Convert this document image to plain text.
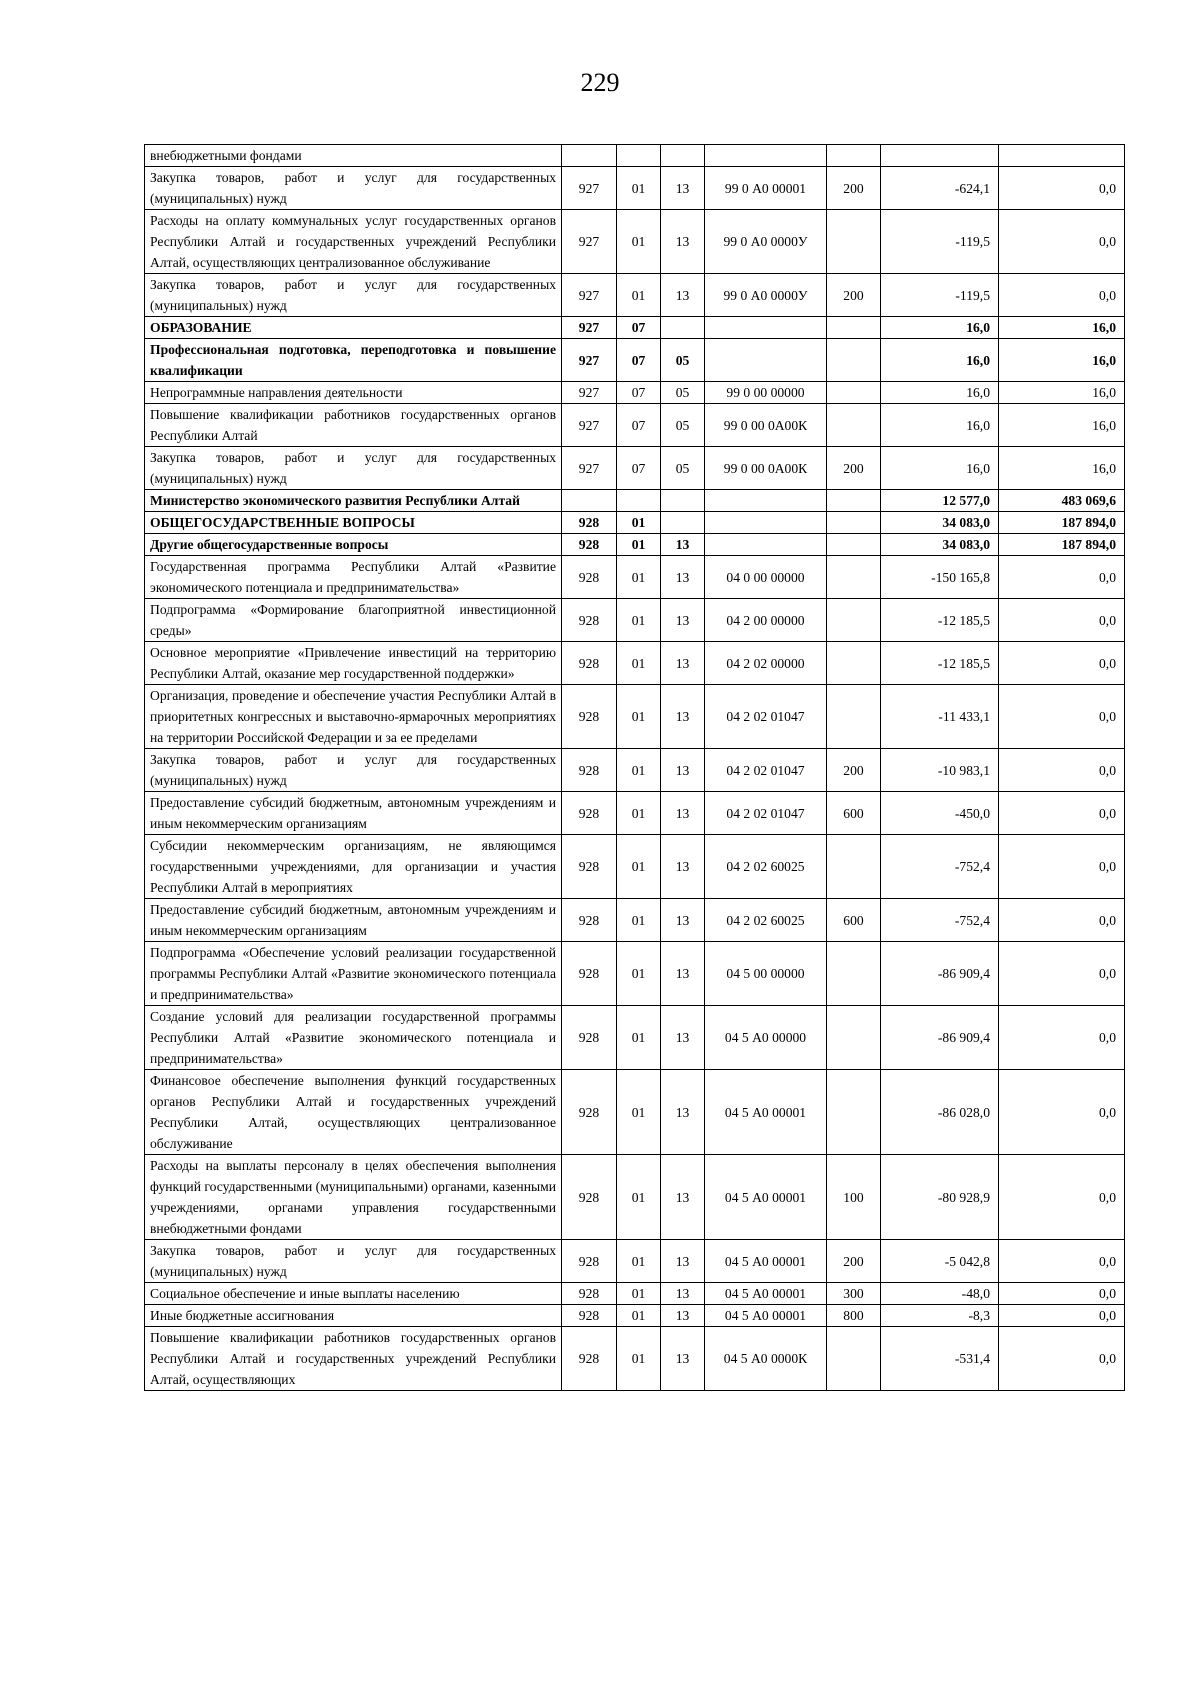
229
внебюджетными фондами							
Закупка товаров, работ и услуг для государственных (муниципальных) нужд	927	01	13	99 0 А0 00001	200	-624,1	0,0
Расходы на оплату коммунальных услуг государственных органов Республики Алтай и государственных учреждений Республики Алтай, осуществляющих централизованное обслуживание	927	01	13	99 0 А0 0000У		-119,5	0,0
Закупка товаров, работ и услуг для государственных (муниципальных) нужд	927	01	13	99 0 А0 0000У	200	-119,5	0,0
ОБРАЗОВАНИЕ	927	07				16,0	16,0
Профессиональная подготовка, переподготовка и повышение квалификации	927	07	05			16,0	16,0
Непрограммные направления деятельности	927	07	05	99 0 00 00000		16,0	16,0
Повышение квалификации работников государственных органов Республики Алтай	927	07	05	99 0 00 0А00К		16,0	16,0
Закупка товаров, работ и услуг для государственных (муниципальных) нужд	927	07	05	99 0 00 0А00К	200	16,0	16,0
Министерство экономического развития Республики Алтай						12 577,0	483 069,6
ОБЩЕГОСУДАРСТВЕННЫЕ ВОПРОСЫ	928	01				34 083,0	187 894,0
Другие общегосударственные вопросы	928	01	13			34 083,0	187 894,0
Государственная программа Республики Алтай «Развитие экономического потенциала и предпринимательства»	928	01	13	04 0 00 00000		-150 165,8	0,0
Подпрограмма «Формирование благоприятной инвестиционной среды»	928	01	13	04 2 00 00000		-12 185,5	0,0
Основное мероприятие «Привлечение инвестиций на территорию Республики Алтай, оказание мер государственной поддержки»	928	01	13	04 2 02 00000		-12 185,5	0,0
Организация, проведение и обеспечение участия Республики Алтай в приоритетных конгрессных и выставочно-ярмарочных мероприятиях на территории Российской Федерации и за ее пределами	928	01	13	04 2 02 01047		-11 433,1	0,0
Закупка товаров, работ и услуг для государственных (муниципальных) нужд	928	01	13	04 2 02 01047	200	-10 983,1	0,0
Предоставление субсидий бюджетным, автономным учреждениям и иным некоммерческим организациям	928	01	13	04 2 02 01047	600	-450,0	0,0
Субсидии некоммерческим организациям, не являющимся государственными учреждениями, для организации и участия Республики Алтай в мероприятиях	928	01	13	04 2 02 60025		-752,4	0,0
Предоставление субсидий бюджетным, автономным учреждениям и иным некоммерческим организациям	928	01	13	04 2 02 60025	600	-752,4	0,0
Подпрограмма «Обеспечение условий реализации государственной программы Республики Алтай «Развитие экономического потенциала и предпринимательства»	928	01	13	04 5 00 00000		-86 909,4	0,0
Создание условий для реализации государственной программы Республики Алтай «Развитие экономического потенциала и предпринимательства»	928	01	13	04 5 А0 00000		-86 909,4	0,0
Финансовое обеспечение выполнения функций государственных органов Республики Алтай и государственных учреждений Республики Алтай, осуществляющих централизованное обслуживание	928	01	13	04 5 А0 00001		-86 028,0	0,0
Расходы на выплаты персоналу в целях обеспечения выполнения функций государственными (муниципальными) органами, казенными учреждениями, органами управления государственными внебюджетными фондами	928	01	13	04 5 А0 00001	100	-80 928,9	0,0
Закупка товаров, работ и услуг для государственных (муниципальных) нужд	928	01	13	04 5 А0 00001	200	-5 042,8	0,0
Социальное обеспечение и иные выплаты населению	928	01	13	04 5 А0 00001	300	-48,0	0,0
Иные бюджетные ассигнования	928	01	13	04 5 А0 00001	800	-8,3	0,0
Повышение квалификации работников государственных органов Республики Алтай и государственных учреждений Республики Алтай, осуществляющих	928	01	13	04 5 А0 0000К		-531,4	0,0
